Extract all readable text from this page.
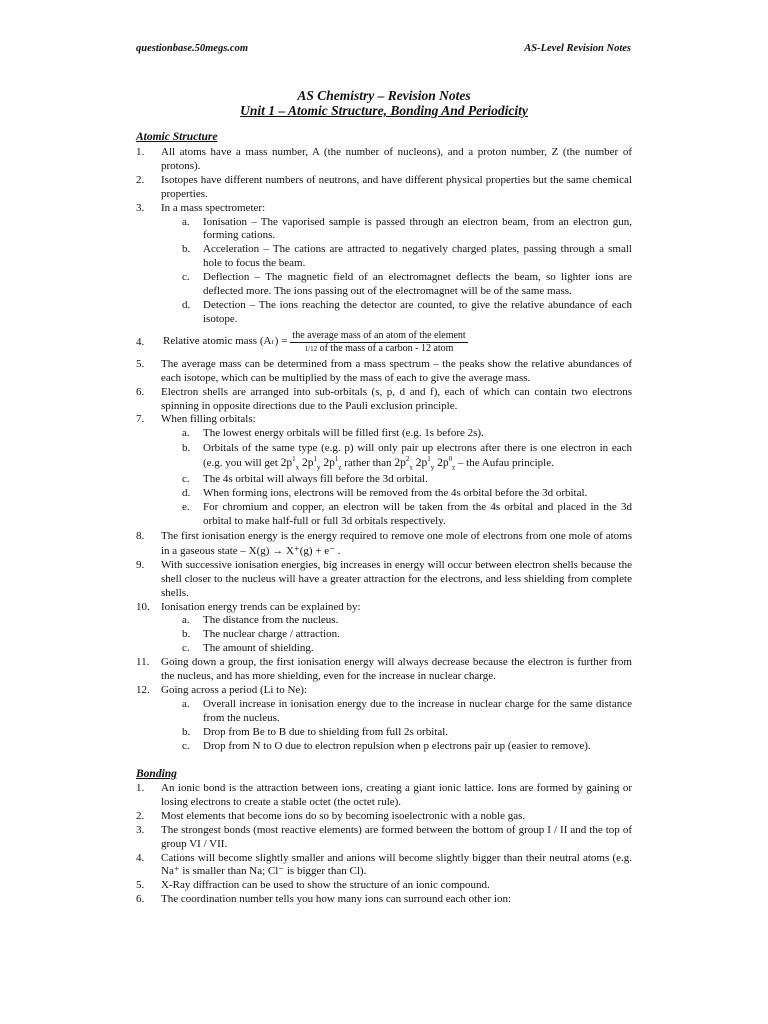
questionbase.50megs.com	AS-Level Revision Notes
AS Chemistry – Revision Notes
Unit 1 – Atomic Structure, Bonding And Periodicity
Atomic Structure

1. All atoms have a mass number, A (the number of nucleons), and a proton number, Z (the number of protons).

2. Isotopes have different numbers of neutrons, and have different physical properties but the same chemical properties.

3. In a mass spectrometer:

a. Ionisation – The vaporised sample is passed through an electron beam, from an electron gun, forming cations.

b. Acceleration – The cations are attracted to negatively charged plates, passing through a small hole to focus the beam.

c. Deflection – The magnetic field of an electromagnet deflects the beam, so lighter ions are deflected more. The ions passing out of the electromagnet will be of the same mass.

d. Detection – The ions reaching the detector are counted, to give the relative abundance of each isotope.

4. Relative atomic mass (A r ) = $\frac{\text{the average mass of an atom of the element}}{\text{1/12 of the mass of a carbon - 12 atom}}$

5. The average mass can be determined from a mass spectrum – the peaks show the relative abundances of each isotope, which can be multiplied by the mass of each to give the average mass.

6. Electron shells are arranged into sub-orbitals (s, p, d and f), each of which can contain two electrons spinning in opposite directions due to the Pauli exclusion principle.

7. When filling orbitals:

a. The lowest energy orbitals will be filled first (e.g. 1s before 2s).

b. Orbitals of the same type (e.g. p) will only pair up electrons after there is one electron in each (e.g. you will get $2p^1_x$ $2p^1_y$ $2p^1_z$ rather than $2p^2_x$ $2p^1_y$ $2p^0_z$ – the Aufau principle.

c. The 4s orbital will always fill before the 3d orbital.

d. When forming ions, electrons will be removed from the 4s orbital before the 3d orbital.

e. For chromium and copper, an electron will be taken from the 4s orbital and placed in the 3d orbital to make half-full or full 3d orbitals respectively.

8. The first ionisation energy is the energy required to remove one mole of electrons from one mole of atoms in a gaseous state – X(g) → X⁺(g) + e⁻ .

9. With successive ionisation energies, big increases in energy will occur between electron shells because the shell closer to the nucleus will have a greater attraction for the electrons, and less shielding from complete shells.

10. Ionisation energy trends can be explained by:

a. The distance from the nucleus.

b. The nuclear charge / attraction.

c. The amount of shielding.

11. Going down a group, the first ionisation energy will always decrease because the electron is further from the nucleus, and has more shielding, even for the increase in nuclear charge.

12. Going across a period (Li to Ne):

a. Overall increase in ionisation energy due to the increase in nuclear charge for the same distance from the nucleus.

b. Drop from Be to B due to shielding from full 2s orbital.

c. Drop from N to O due to electron repulsion when p electrons pair up (easier to remove).

Bonding

1. An ionic bond is the attraction between ions, creating a giant ionic lattice. Ions are formed by gaining or losing electrons to create a stable octet (the octet rule).

2. Most elements that become ions do so by becoming isoelectronic with a noble gas.

3. The strongest bonds (most reactive elements) are formed between the bottom of group I / II and the top of group VI / VII.

4. Cations will become slightly smaller and anions will become slightly bigger than their neutral atoms (e.g. Na⁺ is smaller than Na; Cl⁻ is bigger than Cl).

5. X-Ray diffraction can be used to show the structure of an ionic compound.

6. The coordination number tells you how many ions can surround each other ion:
